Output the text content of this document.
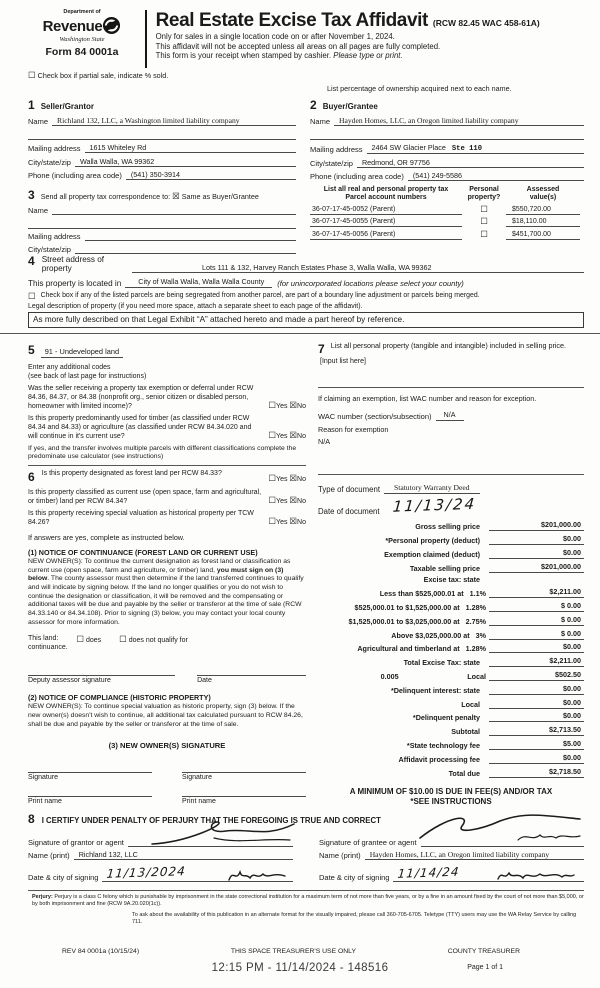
Department of
Revenue
Washington State
Form 84 0001a
Real Estate Excise Tax Affidavit (RCW 82.45 WAC 458-61A)
Only for sales in a single location code on or after November 1, 2024.
This affidavit will not be accepted unless all areas on all pages are fully completed.
This form is your receipt when stamped by cashier. Please type or print.
☐ Check box if partial sale, indicate % sold.
List percentage of ownership acquired next to each name.
1 Seller/Grantor
Name	Richland 132, LLC, a Washington limited liability company
Mailing address	1615 Whiteley Rd
City/state/zip	Walla Walla, WA 99362
Phone (including area code)	(541) 350-3914
3 Send all property tax correspondence to: ☒ Same as Buyer/Grantee
Name
Mailing address
City/state/zip
2 Buyer/Grantee
Name	Hayden Homes, LLC, an Oregon limited liability company
Mailing address	2464 SW Glacier Place Ste 110
City/state/zip	Redmond, OR 97756
Phone (including area code)	(541) 249-5586
List all real and personal property tax
Parcel account numbers
Personal
property?
Assessed
value(s)
36-07-17-45-0052 (Parent)	☐	$550,720.00
36-07-17-45-0055 (Parent)	☐	$18,110.00
36-07-17-45-0056 (Parent)	☐	$451,700.00
4 Street address of
property	Lots 111 & 132, Harvey Ranch Estates Phase 3, Walla Walla, WA 99362
This property is located in	City of Walla Walla, Walla Walla County	(for unincorporated locations please select your county)
☐ Check box if any of the listed parcels are being segregated from another parcel, are part of a boundary line adjustment or parcels being merged.
Legal description of property (if you need more space, attach a separate sheet to each page of the affidavit).
As more fully described on that Legal Exhibit “A” attached hereto and made a part hereof by reference.
5	91 - Undeveloped land
Enter any additional codes
(see back of last page for instructions)
Was the seller receiving a property tax exemption or deferral under RCW 84.36, 84.37, or 84.38 (nonprofit org., senior citizen or disabled person, homeowner with limited income)?	☐Yes ☒No
Is this property predominantly used for timber (as classified under RCW 84.34 and 84.33) or agriculture (as classified under RCW 84.34.020 and will continue in it's current use?	☐Yes ☒No
If yes, and the transfer involves multiple parcels with different classifications complete the predominate use calculator (see instructions)
6	Is this property designated as forest land per RCW 84.33?	☐Yes ☒No
Is this property classified as current use (open space, farm and agricultural, or timber) land per RCW 84.34?	☐Yes ☒No
Is this property receiving special valuation as historical property per TCW 84.26?	☐Yes ☒No
If answers are yes, complete as instructed below.
(1) NOTICE OF CONTINUANCE (FOREST LAND OR CURRENT USE)
NEW OWNER(S): To continue the current designation as forest land or classification as current use (open space, farm and agriculture, or timber) land, you must sign on (3) below. The county assessor must then determine if the land transferred continues to qualify and will indicate by signing below. If the land no longer qualifies or you do not wish to continue the designation or classification, it will be removed and the compensating or additional taxes will be due and payable by the seller or transferor at the time of sale (RCW 84.33.140 or 84.34.108). Prior to signing (3) below, you may contact your local county assessor for more information.
This land: ☐ does ☐ does not qualify for
continuance.
Deputy assessor signature	Date
(2) NOTICE OF COMPLIANCE (HISTORIC PROPERTY)
NEW OWNER(S): To continue special valuation as historic property, sign (3) below. If the new owner(s) doesn't wish to continue, all additional tax calculated pursuant to RCW 84.26, shall be due and payable by the seller or transferor at the time of sale.
(3) NEW OWNER(S) SIGNATURE
Signature	Signature
Print name	Print name
7 List all personal property (tangible and intangible) included in selling price.
[Input list here]
If claiming an exemption, list WAC number and reason for exception.
WAC number (section/subsection)	N/A
Reason for exemption
N/A
Type of document	Statutory Warranty Deed
Date of document 11/13/24
Gross selling price	$201,000.00
*Personal property (deduct)	$0.00
Exemption claimed (deduct)	$0.00
Taxable selling price	$201,000.00
Excise tax: state
Less than $525,000.01 at 1.1%	$2,211.00
$525,000.01 to $1,525,000.00 at 1.28%	$ 0.00
$1,525,000.01 to $3,025,000.00 at 2.75%	$ 0.00
Above $3,025,000.00 at 3%	$ 0.00
Agricultural and timberland at 1.28%	$0.00
Total Excise Tax: state	$2,211.00
0.005	Local	$502.50
*Delinquent interest: state	$0.00
Local	$0.00
*Delinquent penalty	$0.00
Subtotal	$2,713.50
*State technology fee	$5.00
Affidavit processing fee	$0.00
Total due	$2,718.50
A MINIMUM OF $10.00 IS DUE IN FEE(S) AND/OR TAX
*SEE INSTRUCTIONS
8 I CERTIFY UNDER PENALTY OF PERJURY THAT THE FOREGOING IS TRUE AND CORRECT
Signature of grantor or agent
Name (print)	Richland 132, LLC
Date & city of signing 11/13/2024
Signature of grantee or agent
Name (print)	Hayden Homes, LLC, an Oregon limited liability company
Date & city of signing 11/14/24
Perjury: Perjury is a class C felony which is punishable by imprisonment in the state correctional institution for a maximum term of not more than five years, or by a fine in an amount fixed by the court of not more than $5,000, or by both imprisonment and fine (RCW 9A.20.020(1c)).
To ask about the availability of this publication in an alternate format for the visually impaired, please call 360-705-6705. Teletype (TTY) users may use the WA Relay Service by calling 711.
REV 84 0001a (10/15/24)	THIS SPACE TREASURER'S USE ONLY	COUNTY TREASURER
12:15 PM - 11/14/2024 - 148516	Page 1 of 1
